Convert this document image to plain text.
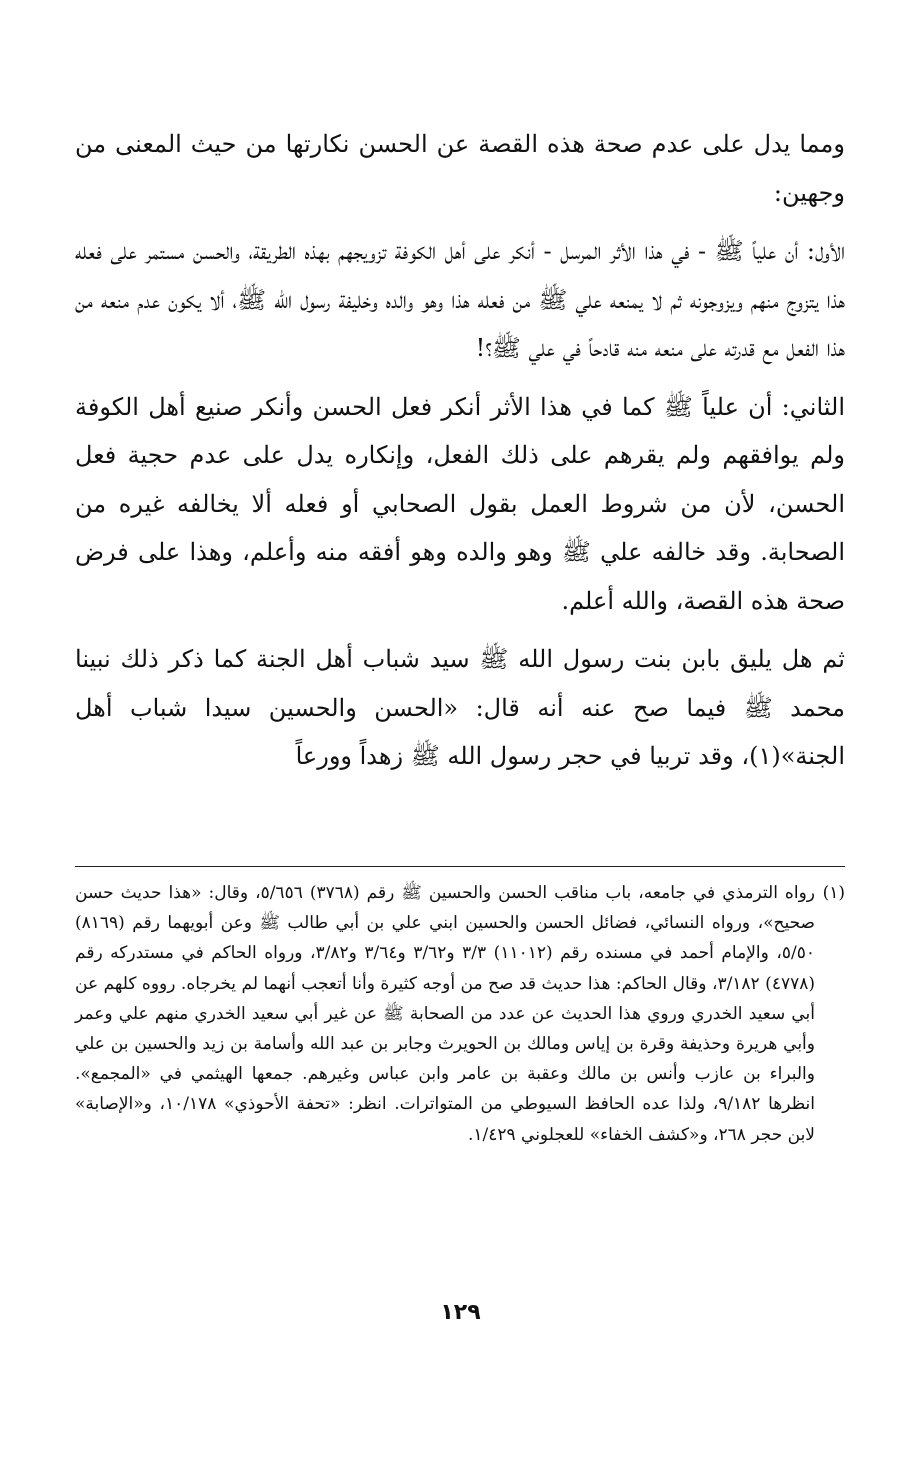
ومما يدل على عدم صحة هذه القصة عن الحسن نكارتها من حيث المعنى من وجهين:

الأول: أن علياً ﷺ - في هذا الأثر المرسل - أنكر على أهل الكوفة تزويجهم بهذه الطريقة، والحسن مستمر على فعله هذا يتزوج منهم ويزوجونه ثم لا يمنعه علي ﷺ من فعله هذا وهو والده وخليفة رسول الله ﷺ، ألا يكون عدم منعه من هذا الفعل مع قدرته على منعه منه قادحاً في علي ﷺ؟!

الثاني: أن علياً ﷺ كما في هذا الأثر أنكر فعل الحسن وأنكر صنيع أهل الكوفة ولم يوافقهم ولم يقرهم على ذلك الفعل، وإنكاره يدل على عدم حجية فعل الحسن، لأن من شروط العمل بقول الصحابي أو فعله ألا يخالفه غيره من الصحابة. وقد خالفه علي ﷺ وهو والده وهو أفقه منه وأعلم، وهذا على فرض صحة هذه القصة، والله أعلم.

ثم هل يليق بابن بنت رسول الله ﷺ سيد شباب أهل الجنة كما ذكر ذلك نبينا محمد ﷺ فيما صح عنه أنه قال: «الحسن والحسين سيدا شباب أهل الجنة»(١)، وقد تربيا في حجر رسول الله ﷺ زهداً وورعاً

(١)

رواه الترمذي في جامعه، باب مناقب الحسن والحسين ﷺ رقم (٣٧٦٨) ٥/٦٥٦، وقال: «هذا حديث حسن صحيح»، ورواه النسائي، فضائل الحسن والحسين ابني علي بن أبي طالب ﷺ وعن أبويهما رقم (٨١٦٩) ٥/٥٠، والإمام أحمد في مسنده رقم (١١٠١٢) ٣/٣ و٣/٦٢ و٣/٦٤ و٣/٨٢، ورواه الحاكم في مستدركه رقم (٤٧٧٨) ٣/١٨٢، وقال الحاكم: هذا حديث قد صح من أوجه كثيرة وأنا أتعجب أنهما لم يخرجاه. رووه كلهم عن أبي سعيد الخدري وروي هذا الحديث عن عدد من الصحابة ﷺ عن غير أبي سعيد الخدري منهم علي وعمر وأبي هريرة وحذيفة وقرة بن إياس ومالك بن الحويرث وجابر بن عبد الله وأسامة بن زيد والحسين بن علي والبراء بن عازب وأنس بن مالك وعقبة بن عامر وابن عباس وغيرهم. جمعها الهيثمي في «المجمع». انظرها ٩/١٨٢، ولذا عده الحافظ السيوطي من المتواترات. انظر: «تحفة الأحوذي» ١٠/١٧٨، و«الإصابة» لابن حجر ٢٦٨، و«كشف الخفاء» للعجلوني ١/٤٢٩.

١٢٩
